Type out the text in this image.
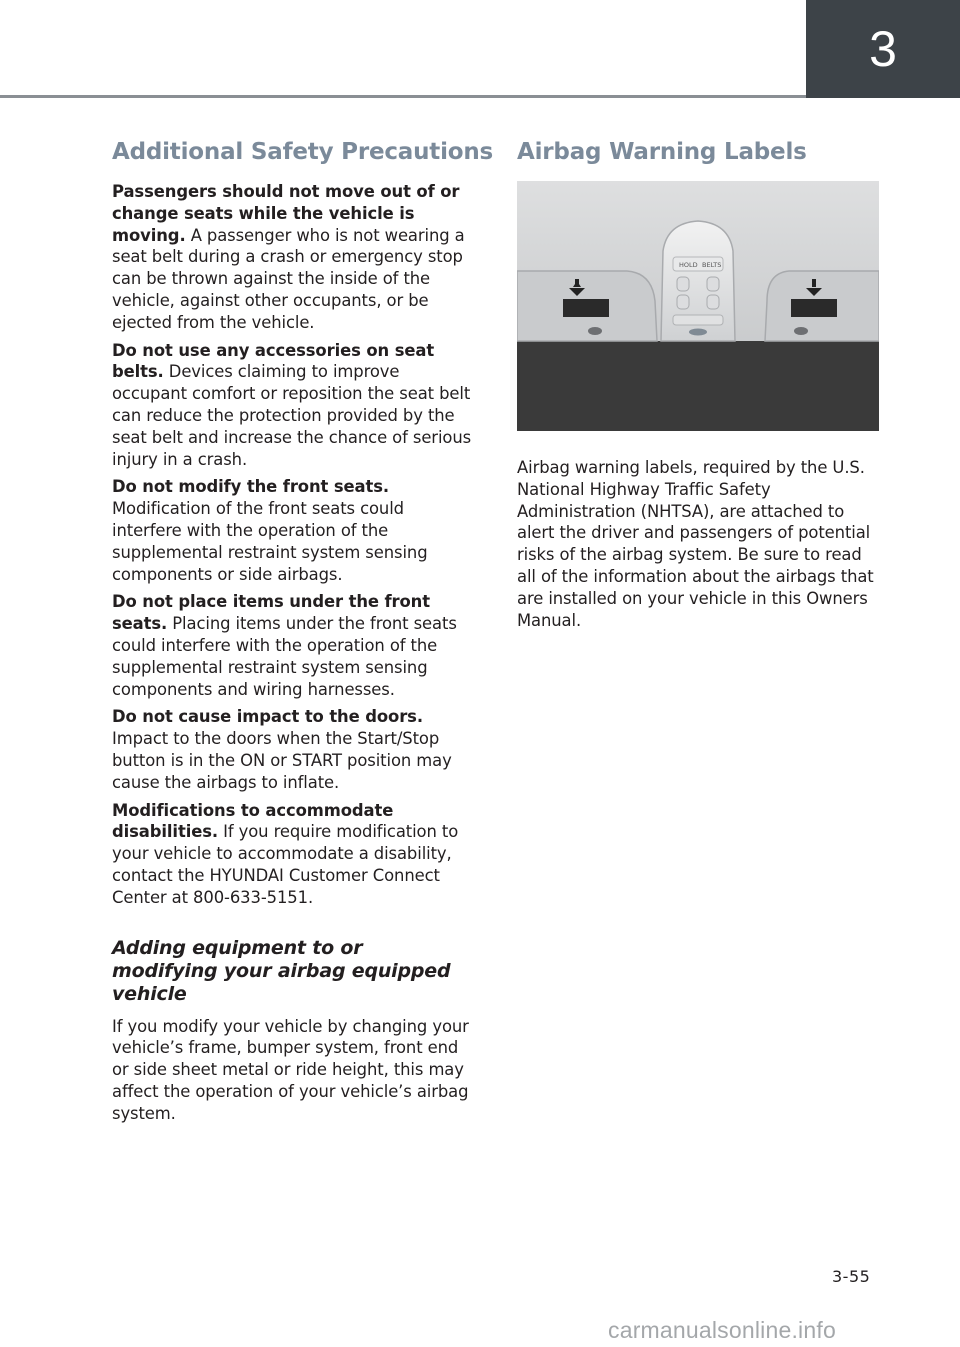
3
Additional Safety Precautions

Passengers should not move out of or change seats while the vehicle is moving. A passenger who is not wearing a seat belt during a crash or emergency stop can be thrown against the inside of the vehicle, against other occupants, or be ejected from the vehicle.

Do not use any accessories on seat belts. Devices claiming to improve occupant comfort or reposition the seat belt can reduce the protection provided by the seat belt and increase the chance of serious injury in a crash.

Do not modify the front seats. Modification of the front seats could interfere with the operation of the supplemental restraint system sensing components or side airbags.

Do not place items under the front seats. Placing items under the front seats could interfere with the operation of the supplemental restraint system sensing components and wiring harnesses.

Do not cause impact to the doors. Impact to the doors when the Start/Stop button is in the ON or START position may cause the airbags to inflate.

Modifications to accommodate disabilities. If you require modification to your vehicle to accommodate a disability, contact the HYUNDAI Customer Connect Center at 800-633-5151.

Adding equipment to or modifying your airbag equipped vehicle

If you modify your vehicle by changing your vehicle’s frame, bumper system, front end or side sheet metal or ride height, this may affect the operation of your vehicle’s airbag system.

Airbag Warning Labels
HOLD BELTS

Airbag warning labels, required by the U.S. National Highway Traffic Safety Administration (NHTSA), are attached to alert the driver and passengers of potential risks of the airbag system. Be sure to read all of the information about the airbags that are installed on your vehicle in this Owners Manual.

3-55
carmanualsonline.info
